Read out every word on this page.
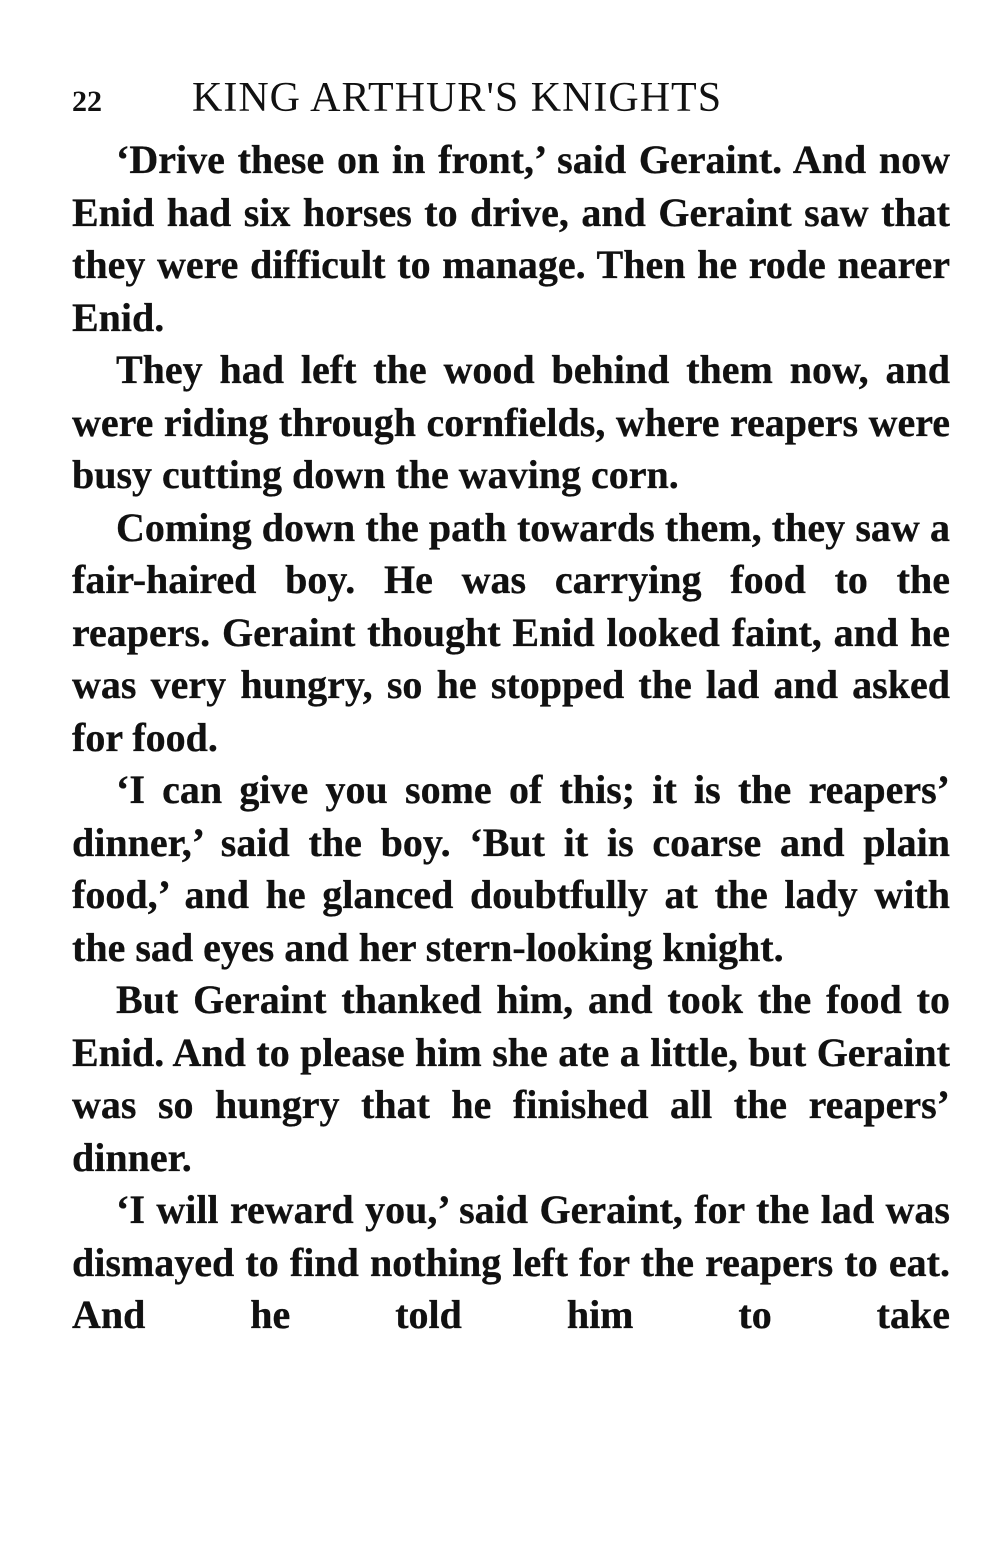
22	KING ARTHUR'S KNIGHTS

‘Drive these on in front,’ said Geraint. And now Enid had six horses to drive, and Geraint saw that they were difficult to manage. Then he rode nearer Enid.

They had left the wood behind them now, and were riding through cornfields, where reapers were busy cutting down the waving corn.

Coming down the path towards them, they saw a fair-haired boy. He was carrying food to the reapers. Geraint thought Enid looked faint, and he was very hungry, so he stopped the lad and asked for food.

‘I can give you some of this; it is the reapers’ dinner,’ said the boy. ‘But it is coarse and plain food,’ and he glanced doubtfully at the lady with the sad eyes and her stern-looking knight.

But Geraint thanked him, and took the food to Enid. And to please him she ate a little, but Geraint was so hungry that he finished all the reapers’ dinner.

‘I will reward you,’ said Geraint, for the lad was dismayed to find nothing left for the reapers to eat. And he told him to take
